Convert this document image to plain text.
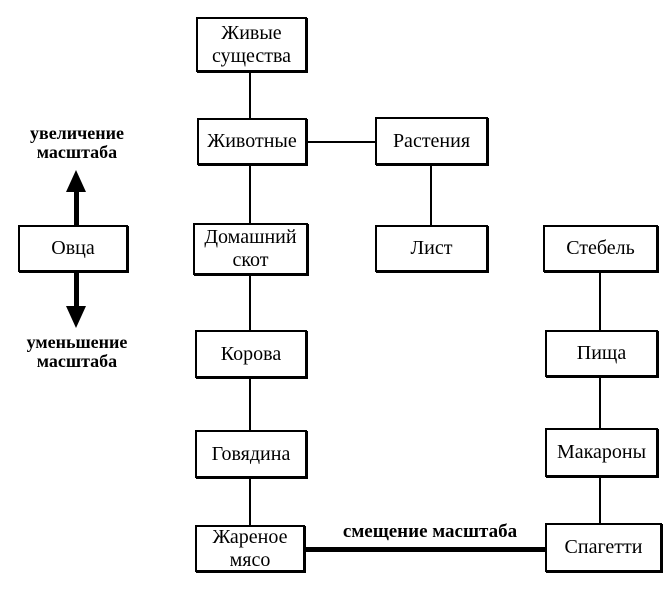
увеличение масштаба
Овца
уменьшение масштаба
Живые существа
Животные
Домашний скот
Корова
Говядина
Жареное мясо
Растения
Лист	Стебель
Пища
Макароны
Спагетти
смещение масштаба
